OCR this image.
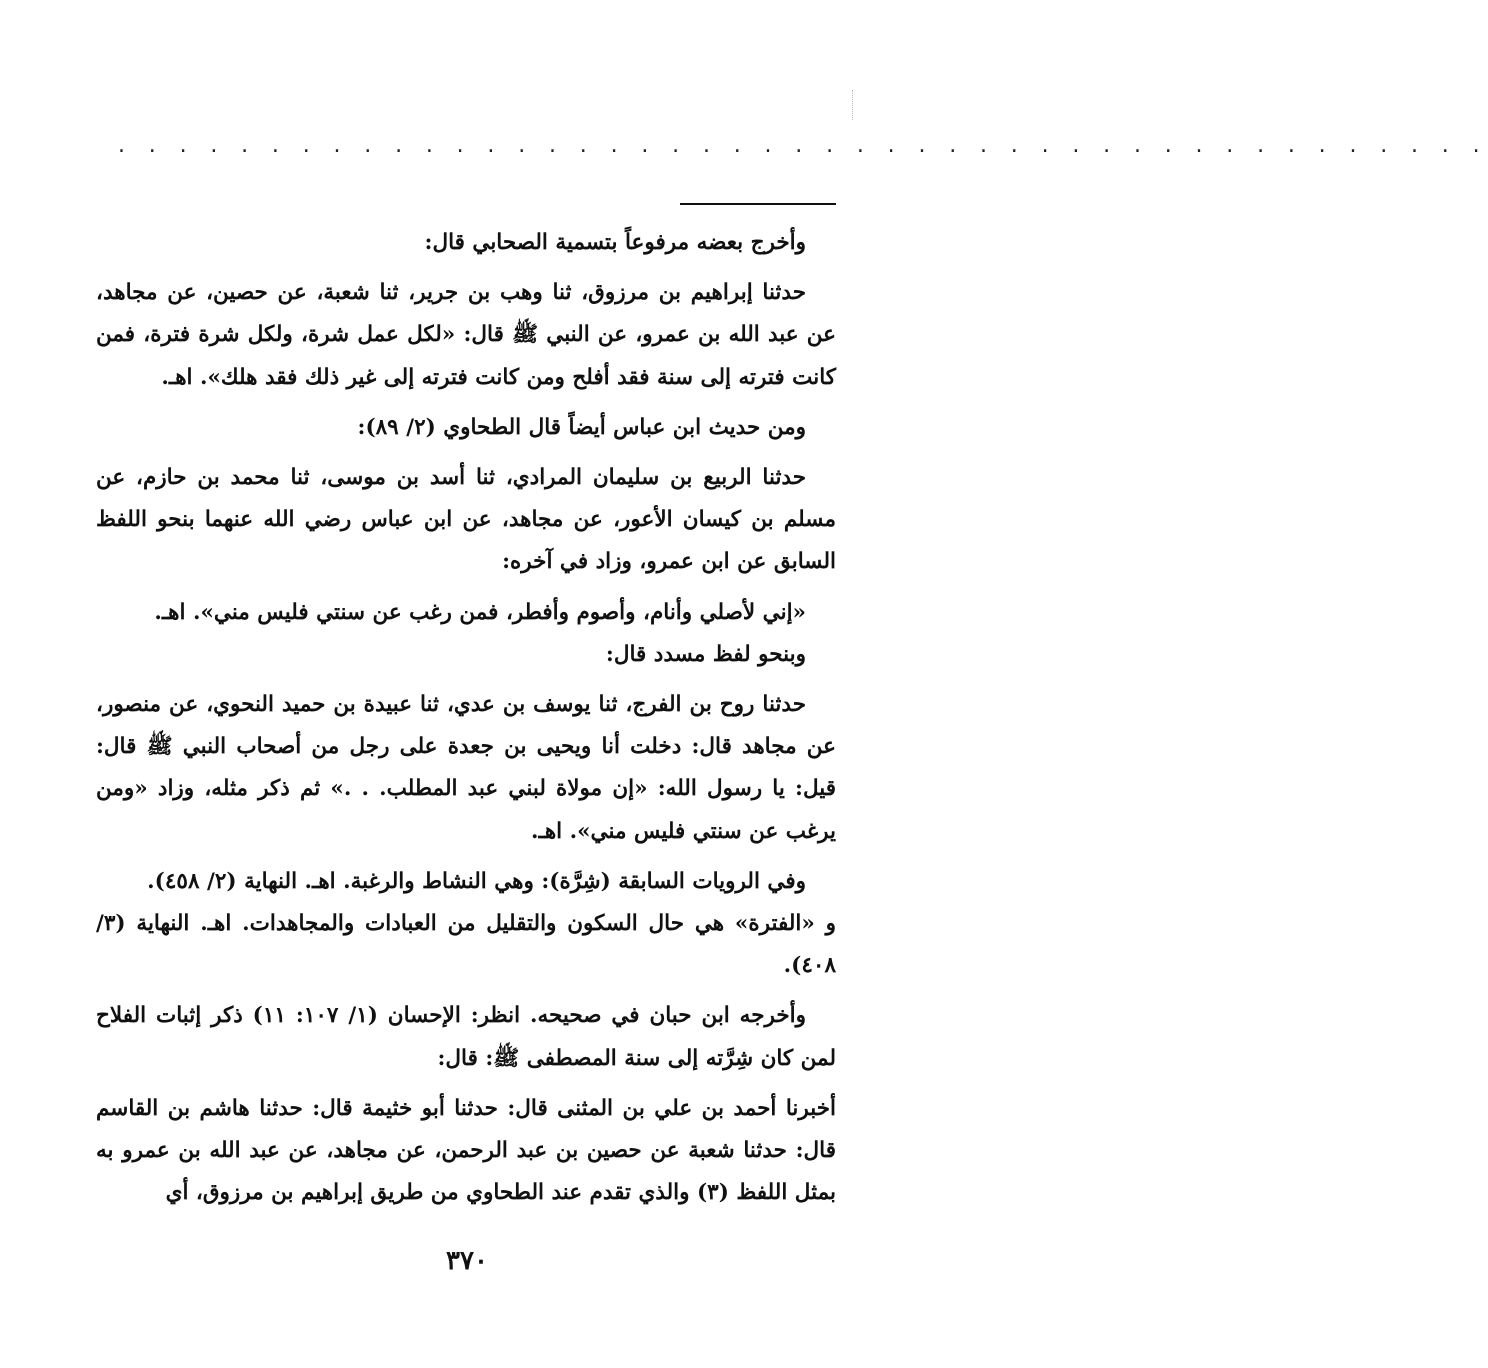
. . . . . . . . . . . . . . . . . . . . . . . . . . . . . . . . . . . . . . . . . . . . .

وأخرج بعضه مرفوعاً بتسمية الصحابي قال:

حدثنا إبراهيم بن مرزوق، ثنا وهب بن جرير، ثنا شعبة، عن حصين، عن مجاهد، عن عبد الله بن عمرو، عن النبي ﷺ قال: «لكل عمل شرة، ولكل شرة فترة، فمن كانت فترته إلى سنة فقد أفلح ومن كانت فترته إلى غير ذلك فقد هلك». اهـ.

ومن حديث ابن عباس أيضاً قال الطحاوي (٢/ ٨٩):

حدثنا الربيع بن سليمان المرادي، ثنا أسد بن موسى، ثنا محمد بن حازم، عن مسلم بن كيسان الأعور، عن مجاهد، عن ابن عباس رضي الله عنهما بنحو اللفظ السابق عن ابن عمرو، وزاد في آخره:

«إني لأصلي وأنام، وأصوم وأفطر، فمن رغب عن سنتي فليس مني». اهـ.

وبنحو لفظ مسدد قال:

حدثنا روح بن الفرج، ثنا يوسف بن عدي، ثنا عبيدة بن حميد النحوي، عن منصور، عن مجاهد قال: دخلت أنا ويحيى بن جعدة على رجل من أصحاب النبي ﷺ قال: قيل: يا رسول الله: «إن مولاة لبني عبد المطلب. . .» ثم ذكر مثله، وزاد «ومن يرغب عن سنتي فليس مني». اهـ.

وفي الرويات السابقة (شِرَّة): وهي النشاط والرغبة. اهـ. النهاية (٢/ ٤٥٨).

و «الفترة» هي حال السكون والتقليل من العبادات والمجاهدات. اهـ. النهاية (٣/ ٤٠٨).

وأخرجه ابن حبان في صحيحه. انظر: الإحسان (١/ ١٠٧: ١١) ذكر إثبات الفلاح لمن كان شِرَّته إلى سنة المصطفى ﷺ: قال:

أخبرنا أحمد بن علي بن المثنى قال: حدثنا أبو خثيمة قال: حدثنا هاشم بن القاسم قال: حدثنا شعبة عن حصين بن عبد الرحمن، عن مجاهد، عن عبد الله بن عمرو به بمثل اللفظ (٣) والذي تقدم عند الطحاوي من طريق إبراهيم بن مرزوق، أي

٣٧٠
